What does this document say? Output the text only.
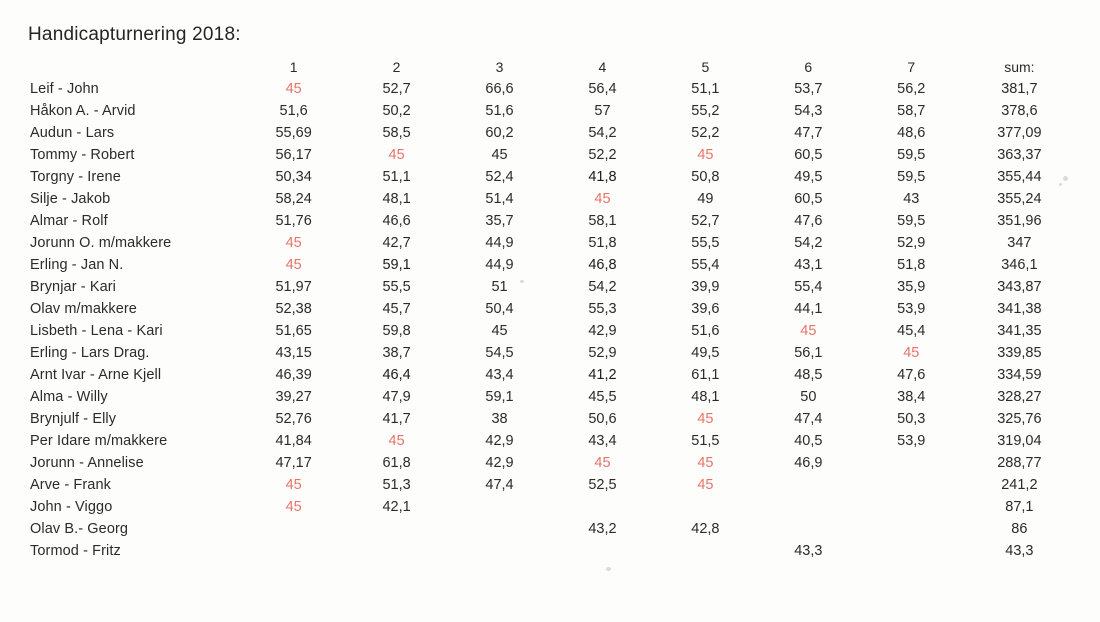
Handicapturnering 2018:
	1	2	3	4	5	6	7	sum:
Leif - John	45	52,7	66,6	56,4	51,1	53,7	56,2	381,7
Håkon A. - Arvid	51,6	50,2	51,6	57	55,2	54,3	58,7	378,6
Audun - Lars	55,69	58,5	60,2	54,2	52,2	47,7	48,6	377,09
Tommy - Robert	56,17	45	45	52,2	45	60,5	59,5	363,37
Torgny - Irene	50,34	51,1	52,4	41,8	50,8	49,5	59,5	355,44
Silje - Jakob	58,24	48,1	51,4	45	49	60,5	43	355,24
Almar - Rolf	51,76	46,6	35,7	58,1	52,7	47,6	59,5	351,96
Jorunn O. m/makkere	45	42,7	44,9	51,8	55,5	54,2	52,9	347
Erling - Jan N.	45	59,1	44,9	46,8	55,4	43,1	51,8	346,1
Brynjar - Kari	51,97	55,5	51	54,2	39,9	55,4	35,9	343,87
Olav m/makkere	52,38	45,7	50,4	55,3	39,6	44,1	53,9	341,38
Lisbeth - Lena - Kari	51,65	59,8	45	42,9	51,6	45	45,4	341,35
Erling - Lars Drag.	43,15	38,7	54,5	52,9	49,5	56,1	45	339,85
Arnt Ivar - Arne Kjell	46,39	46,4	43,4	41,2	61,1	48,5	47,6	334,59
Alma - Willy	39,27	47,9	59,1	45,5	48,1	50	38,4	328,27
Brynjulf - Elly	52,76	41,7	38	50,6	45	47,4	50,3	325,76
Per Idare m/makkere	41,84	45	42,9	43,4	51,5	40,5	53,9	319,04
Jorunn - Annelise	47,17	61,8	42,9	45	45	46,9		288,77
Arve - Frank	45	51,3	47,4	52,5	45			241,2
John - Viggo	45	42,1						87,1
Olav B.- Georg				43,2	42,8			86
Tormod - Fritz						43,3		43,3
